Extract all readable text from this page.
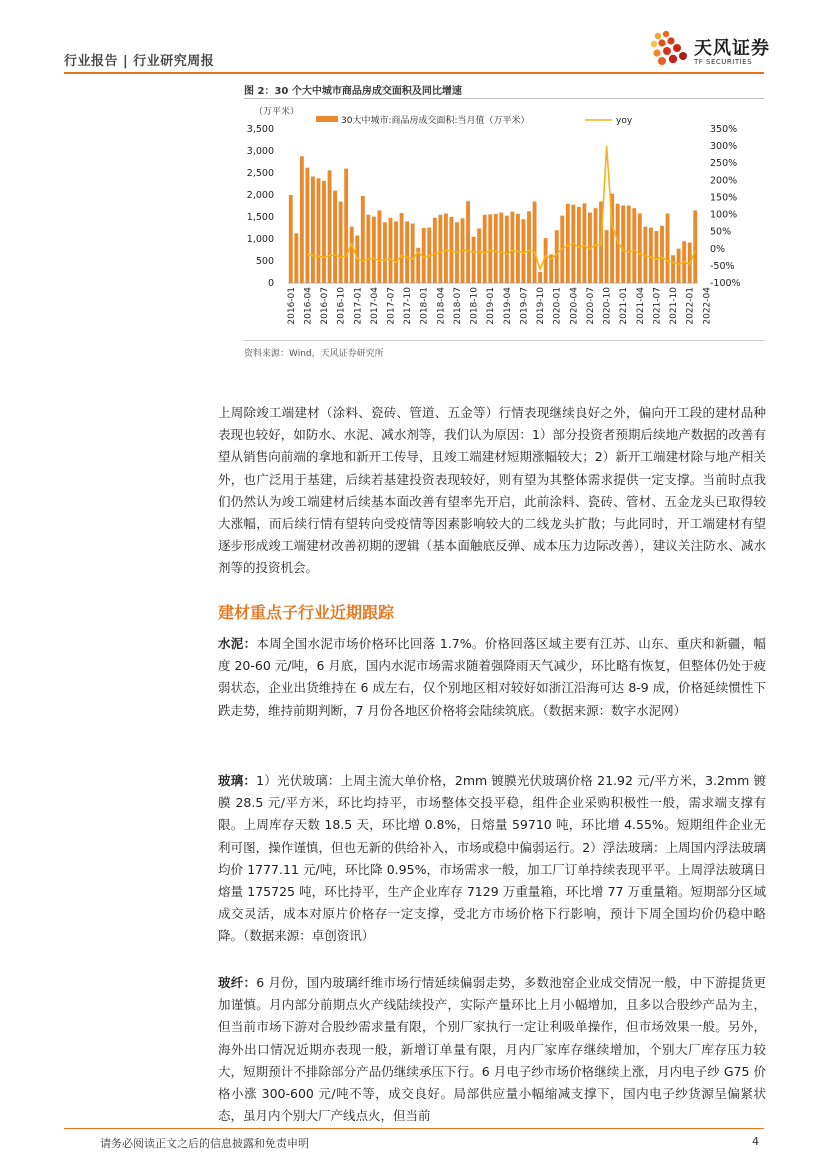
行业报告 | 行业研究周报
天风证券
TF SECURITIES
图 2：30 个大中城市商品房成交面积及同比增速
（万平米）
30大中城市:商品房成交面积:当月值（万平米）	yoy
0
500
1,000
1,500
2,000
2,500
3,000
3,500
-100%
-50%
0%
50%
100%
150%
200%
250%
300%
350%
2016-01 2016-04 2016-07 2016-10 2017-01 2017-04 2017-07 2017-10 2018-01 2018-04 2018-07 2018-10 2019-01 2019-04 2019-07 2019-10 2020-01 2020-04 2020-07 2020-10 2021-01 2021-04 2021-07 2021-10 2022-01 2022-04
资料来源：Wind，天风证券研究所
上周除竣工端建材（涂料、瓷砖、管道、五金等）行情表现继续良好之外，偏向开工段的建材品种表现也较好，如防水、水泥、减水剂等，我们认为原因：1）部分投资者预期后续地产数据的改善有望从销售向前端的拿地和新开工传导，且竣工端建材短期涨幅较大；2）新开工端建材除与地产相关外，也广泛用于基建，后续若基建投资表现较好，则有望为其整体需求提供一定支撑。当前时点我们仍然认为竣工端建材后续基本面改善有望率先开启，此前涂料、瓷砖、管材、五金龙头已取得较大涨幅，而后续行情有望转向受疫情等因素影响较大的二线龙头扩散；与此同时，开工端建材有望逐步形成竣工端建材改善初期的逻辑（基本面触底反弹、成本压力边际改善），建议关注防水、减水剂等的投资机会。
建材重点子行业近期跟踪
水泥：本周全国水泥市场价格环比回落 1.7%。价格回落区域主要有江苏、山东、重庆和新疆，幅度 20-60 元/吨，6 月底，国内水泥市场需求随着强降雨天气减少，环比略有恢复，但整体仍处于疲弱状态，企业出货维持在 6 成左右，仅个别地区相对较好如浙江沿海可达 8-9 成，价格延续惯性下跌走势，维持前期判断，7 月份各地区价格将会陆续筑底。（数据来源：数字水泥网）
玻璃：1）光伏玻璃：上周主流大单价格，2mm 镀膜光伏玻璃价格 21.92 元/平方米，3.2mm 镀膜 28.5 元/平方米，环比均持平，市场整体交投平稳，组件企业采购积极性一般，需求端支撑有限。上周库存天数 18.5 天，环比增 0.8%，日熔量 59710 吨，环比增 4.55%。短期组件企业无利可图，操作谨慎，但也无新的供给补入，市场或稳中偏弱运行。2）浮法玻璃：上周国内浮法玻璃均价 1777.11 元/吨，环比降 0.95%，市场需求一般，加工厂订单持续表现平平。上周浮法玻璃日熔量 175725 吨，环比持平，生产企业库存 7129 万重量箱，环比增 77 万重量箱。短期部分区域成交灵活，成本对原片价格存一定支撑，受北方市场价格下行影响，预计下周全国均价仍稳中略降。（数据来源：卓创资讯）
玻纤：6 月份，国内玻璃纤维市场行情延续偏弱走势，多数池窑企业成交情况一般，中下游提货更加谨慎。月内部分前期点火产线陆续投产，实际产量环比上月小幅增加，且多以合股纱产品为主，但当前市场下游对合股纱需求量有限，个别厂家执行一定让利吸单操作，但市场效果一般。另外，海外出口情况近期亦表现一般，新增订单量有限，月内厂家库存继续增加，个别大厂库存压力较大，短期预计不排除部分产品仍继续承压下行。6 月电子纱市场价格继续上涨，月内电子纱 G75 价格小涨 300-600 元/吨不等，成交良好。局部供应量小幅缩减支撑下，国内电子纱货源呈偏紧状态，虽月内个别大厂产线点火，但当前
请务必阅读正文之后的信息披露和免责申明	4
